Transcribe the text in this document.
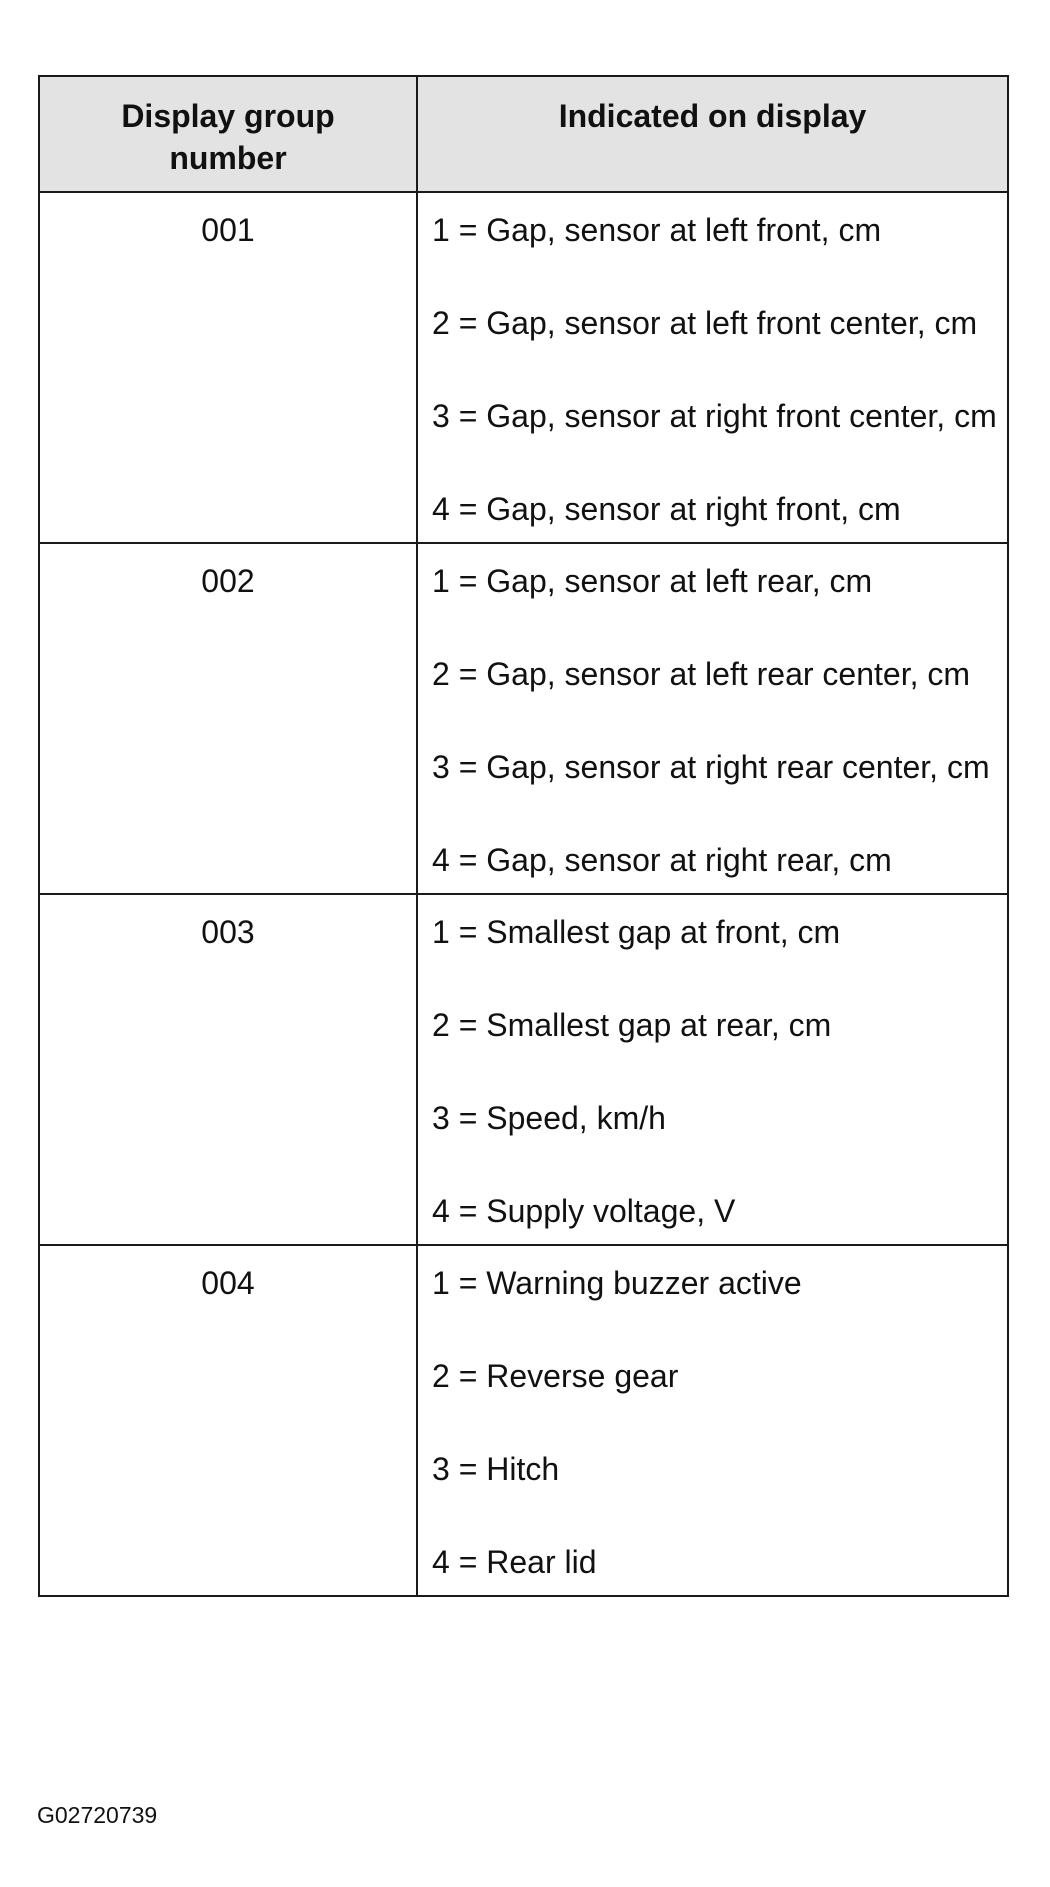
Display group number	Indicated on display
001	1 = Gap, sensor at left front, cm
2 = Gap, sensor at left front center, cm
3 = Gap, sensor at right front center, cm
4 = Gap, sensor at right front, cm

002	1 = Gap, sensor at left rear, cm
2 = Gap, sensor at left rear center, cm
3 = Gap, sensor at right rear center, cm
4 = Gap, sensor at right rear, cm

003	1 = Smallest gap at front, cm
2 = Smallest gap at rear, cm
3 = Speed, km/h
4 = Supply voltage, V

004	1 = Warning buzzer active
2 = Reverse gear
3 = Hitch
4 = Rear lid
G02720739
